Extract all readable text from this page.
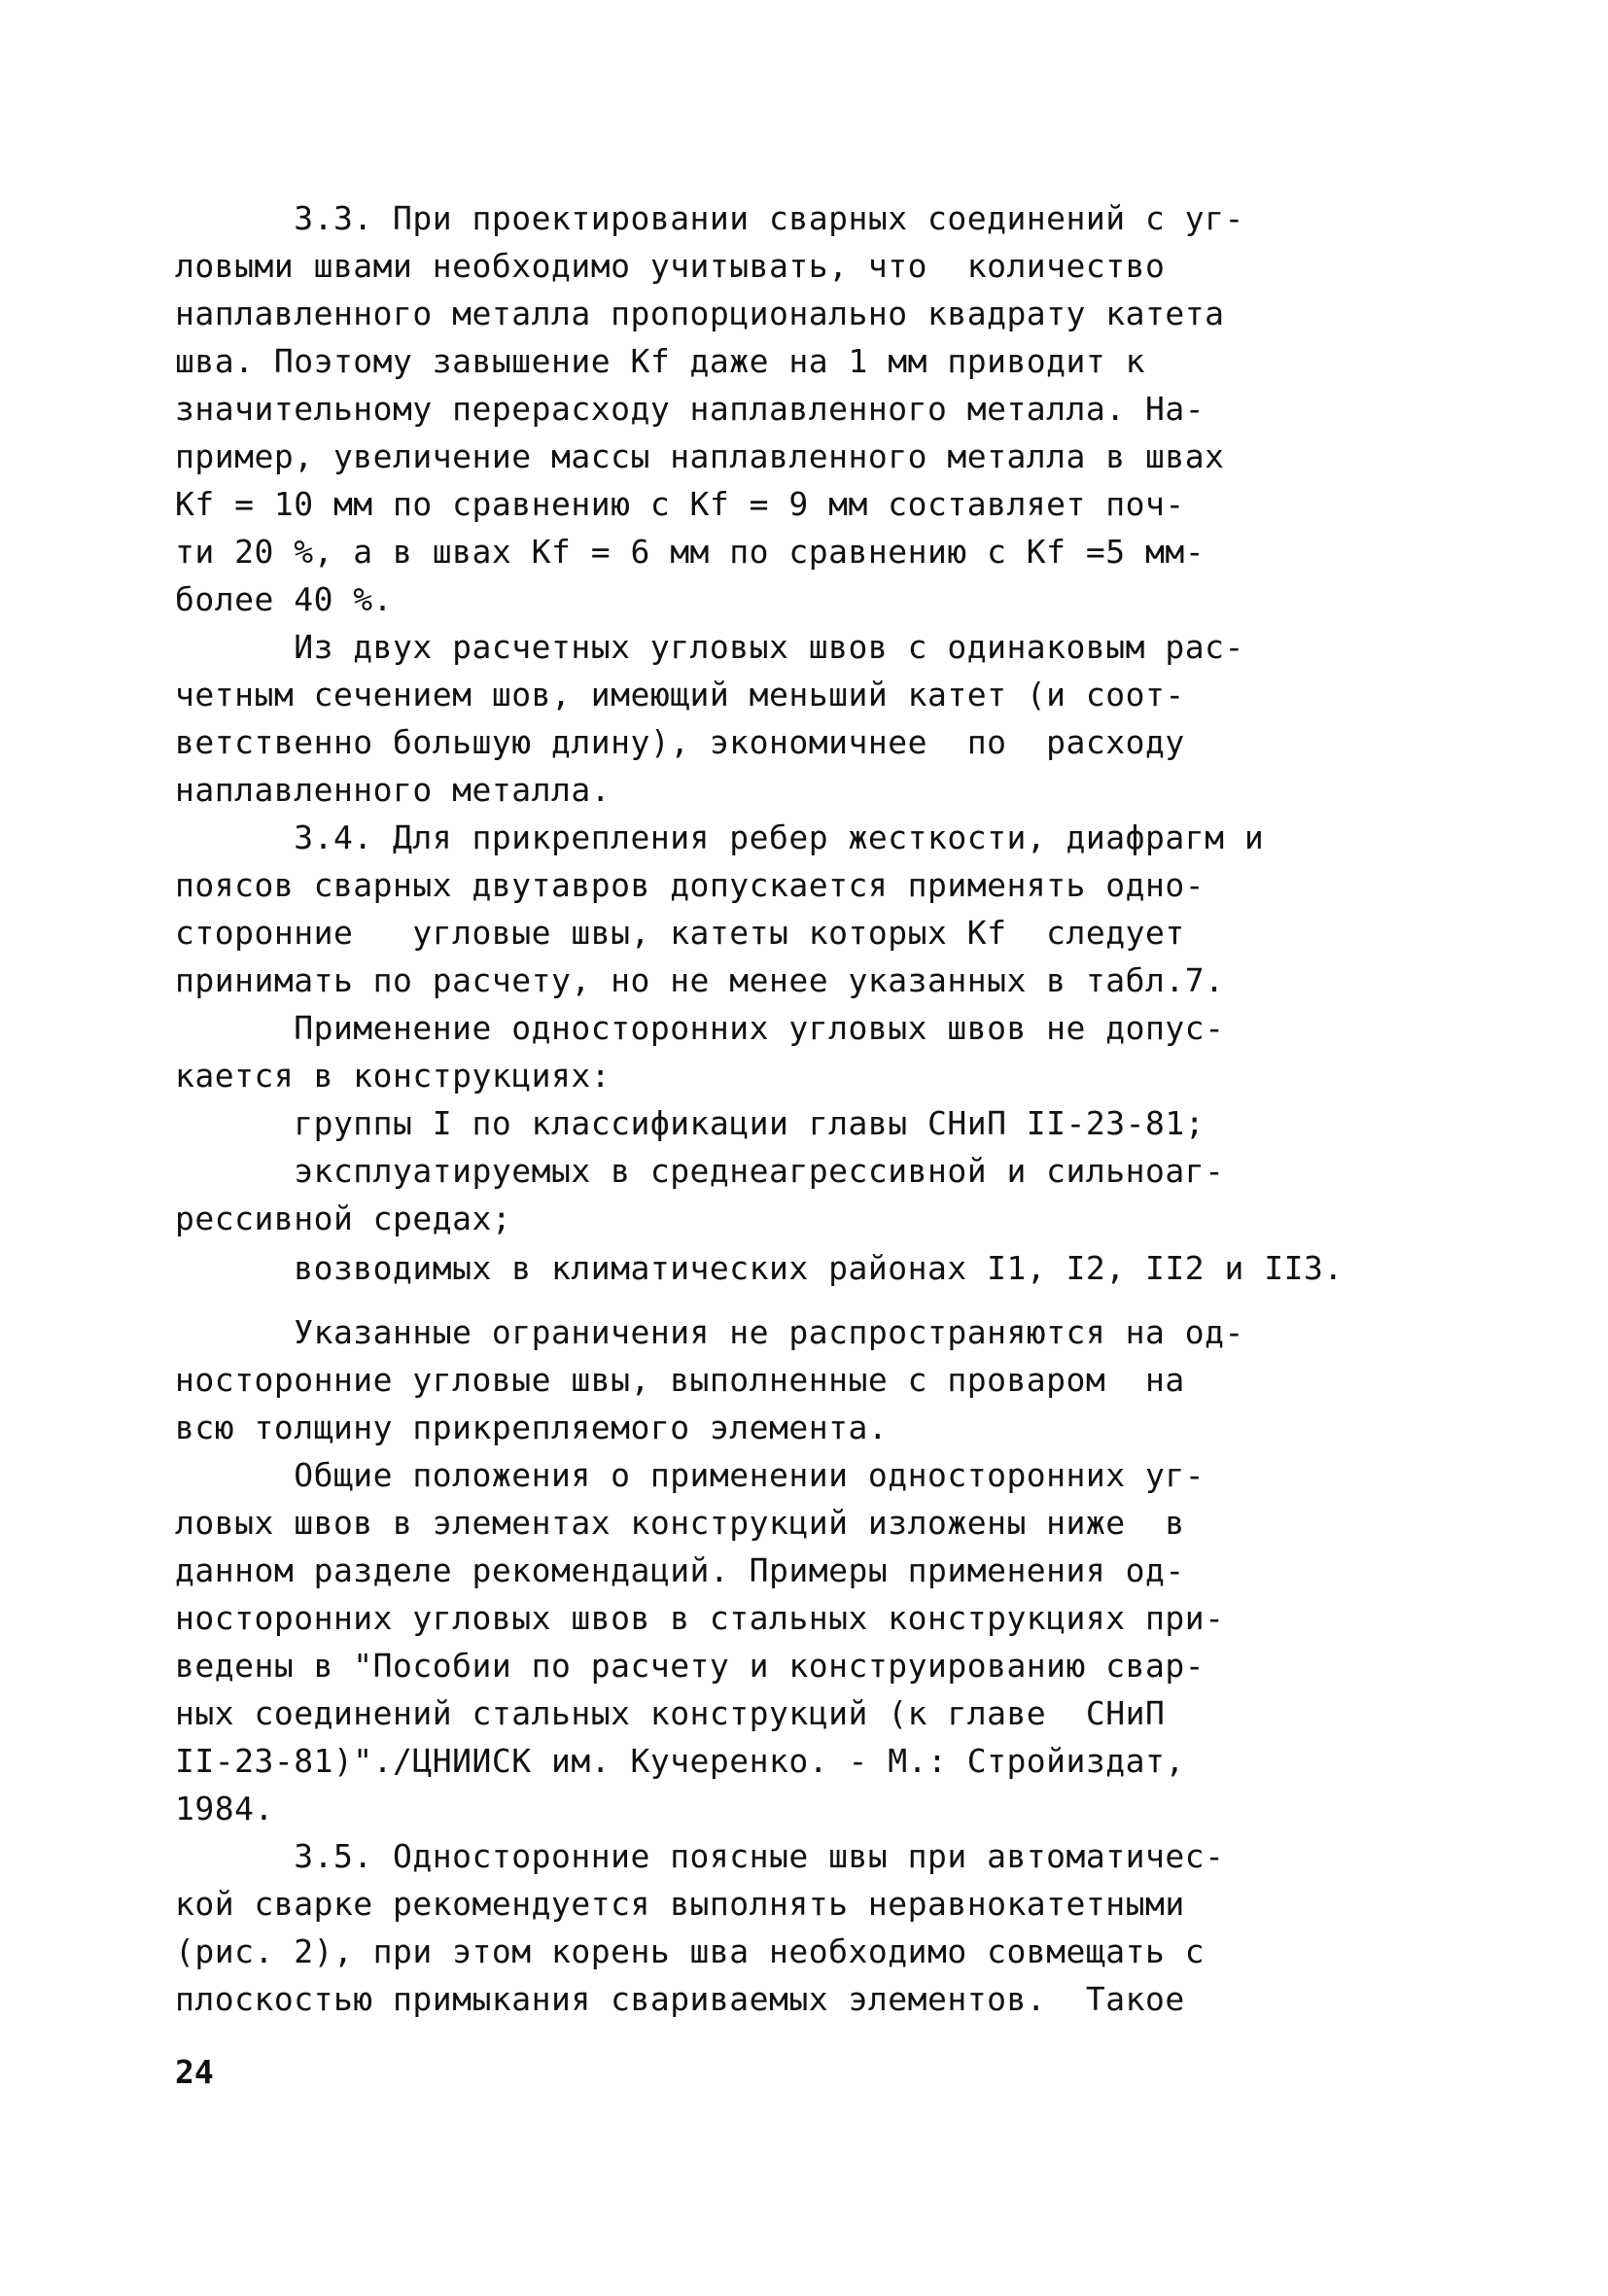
3.3. При проектировании сварных соединений с уг-
ловыми швами необходимо учитывать, что  количество
наплавленного металла пропорционально квадрату катета
шва. Поэтому завышение Kf даже на 1 мм приводит к
значительному перерасходу наплавленного металла. На-
пример, увеличение массы наплавленного металла в швах
Kf = 10 мм по сравнению с Kf = 9 мм составляет поч-
ти 20 %, а в швах Kf = 6 мм по сравнению с Kf =5 мм-
более 40 %.
Из двух расчетных угловых швов с одинаковым рас-
четным сечением шов, имеющий меньший катет (и соот-
ветственно большую длину), экономичнее  по  расходу
наплавленного металла.
3.4. Для прикрепления ребер жесткости, диафрагм и
поясов сварных двутавров допускается применять одно-
сторонние   угловые швы, катеты которых Kf  следует
принимать по расчету, но не менее указанных в табл.7.
Применение односторонних угловых швов не допус-
кается в конструкциях:
группы I по классификации главы СНиП II-23-81;
эксплуатируемых в среднеагрессивной и сильноаг-
рессивной средах;
возводимых в климатических районах I1, I2, II2 и II3.
Указанные ограничения не распространяются на од-
носторонние угловые швы, выполненные с проваром  на
всю толщину прикрепляемого элемента.
Общие положения о применении односторонних уг-
ловых швов в элементах конструкций изложены ниже  в
данном разделе рекомендаций. Примеры применения од-
носторонних угловых швов в стальных конструкциях при-
ведены в "Пособии по расчету и конструированию свар-
ных соединений стальных конструкций (к главе  СНиП
II-23-81)"./ЦНИИСК им. Кучеренко. - М.: Стройиздат,
1984.
3.5. Односторонние поясные швы при автоматичес-
кой сварке рекомендуется выполнять неравнокатетными
(рис. 2), при этом корень шва необходимо совмещать с
плоскостью примыкания свариваемых элементов.  Такое
24
